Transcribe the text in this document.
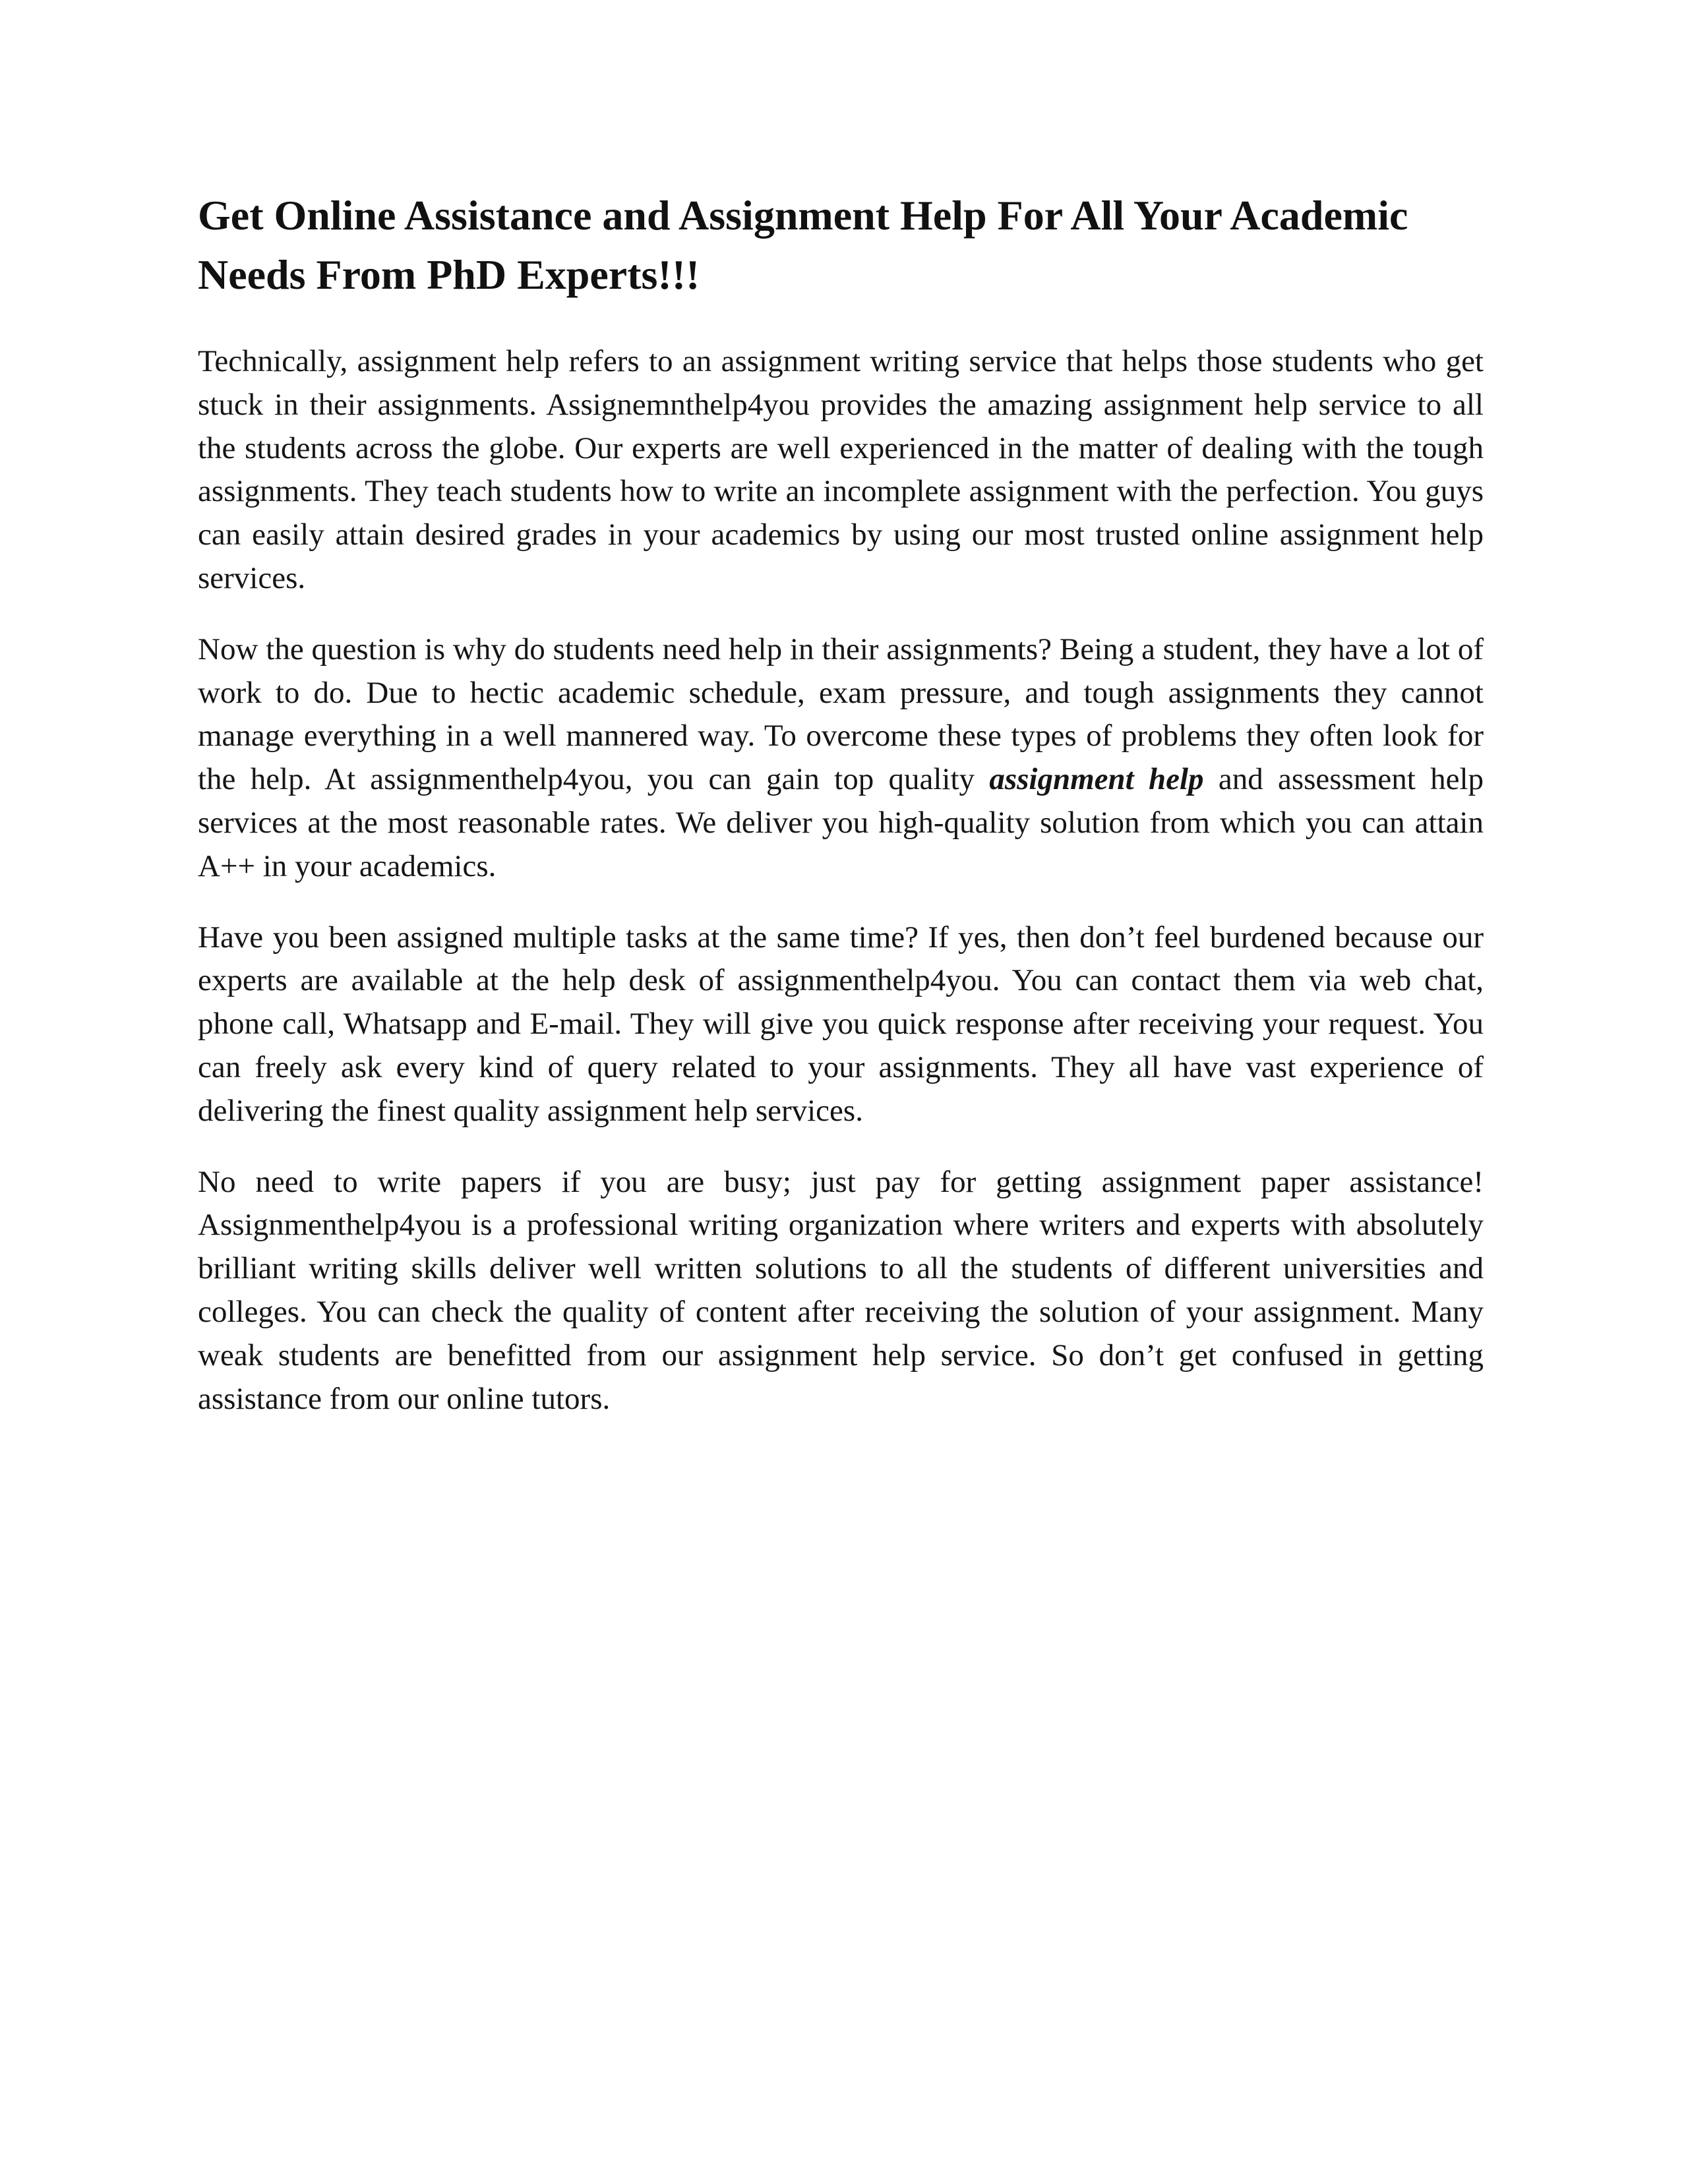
Get Online Assistance and Assignment Help For All Your Academic Needs From PhD Experts!!!

Technically, assignment help refers to an assignment writing service that helps those students who get stuck in their assignments. Assignemnthelp4you provides the amazing assignment help service to all the students across the globe. Our experts are well experienced in the matter of dealing with the tough assignments. They teach students how to write an incomplete assignment with the perfection. You guys can easily attain desired grades in your academics by using our most trusted online assignment help services.

Now the question is why do students need help in their assignments? Being a student, they have a lot of work to do. Due to hectic academic schedule, exam pressure, and tough assignments they cannot manage everything in a well mannered way. To overcome these types of problems they often look for the help. At assignmenthelp4you, you can gain top quality assignment help and assessment help services at the most reasonable rates. We deliver you high-quality solution from which you can attain A++ in your academics.

Have you been assigned multiple tasks at the same time? If yes, then don’t feel burdened because our experts are available at the help desk of assignmenthelp4you. You can contact them via web chat, phone call, Whatsapp and E-mail. They will give you quick response after receiving your request. You can freely ask every kind of query related to your assignments. They all have vast experience of delivering the finest quality assignment help services.

No need to write papers if you are busy; just pay for getting assignment paper assistance! Assignmenthelp4you is a professional writing organization where writers and experts with absolutely brilliant writing skills deliver well written solutions to all the students of different universities and colleges. You can check the quality of content after receiving the solution of your assignment. Many weak students are benefitted from our assignment help service. So don’t get confused in getting assistance from our online tutors.
